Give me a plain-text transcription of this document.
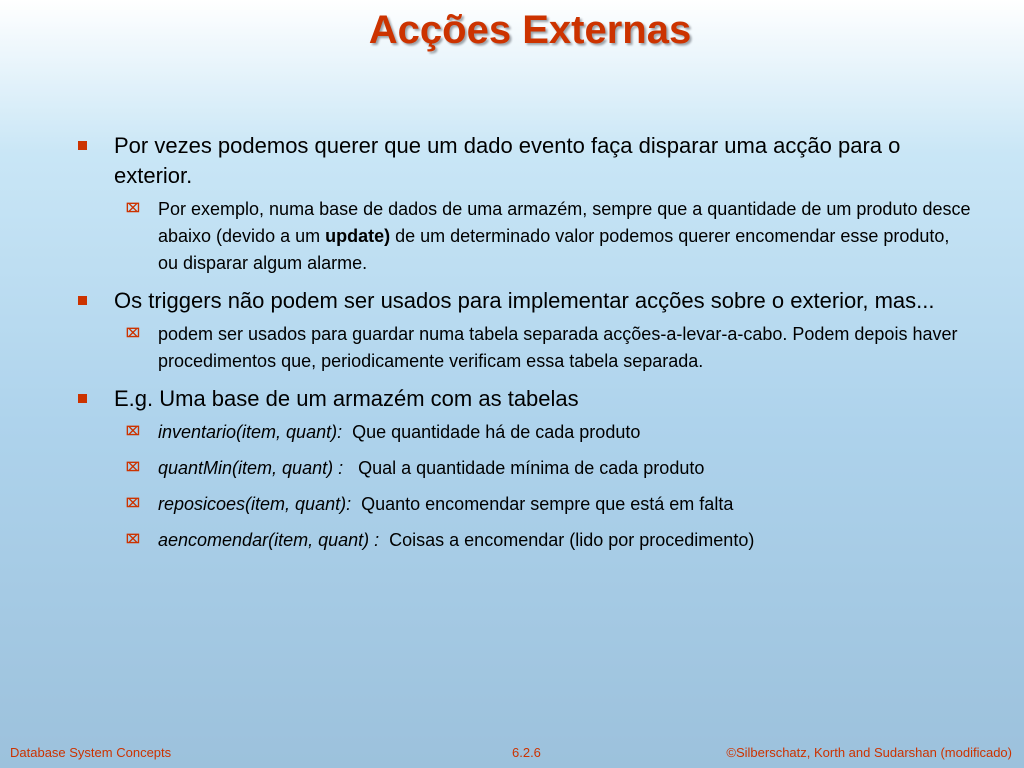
Acções Externas
Por vezes podemos querer que um dado evento faça disparar uma acção para o exterior.
⌧ Por exemplo, numa base de dados de uma armazém, sempre que a quantidade de um produto desce abaixo (devido a um update) de um determinado valor podemos querer encomendar esse produto, ou disparar algum alarme.
Os triggers não podem ser usados para implementar acções sobre o exterior, mas...
⌧ podem ser usados para guardar numa tabela separada acções-a-levar-a-cabo. Podem depois haver procedimentos que, periodicamente verificam essa tabela separada.
E.g. Uma base de um armazém com as tabelas
⌧ inventario(item, quant): Que quantidade há de cada produto
⌧ quantMin(item, quant) : Qual a quantidade mínima de cada produto
⌧ reposicoes(item, quant): Quanto encomendar sempre que está em falta
⌧ aencomendar(item, quant) : Coisas a encomendar (lido por procedimento)
Database System Concepts	6.2.6	©Silberschatz, Korth and Sudarshan (modificado)
